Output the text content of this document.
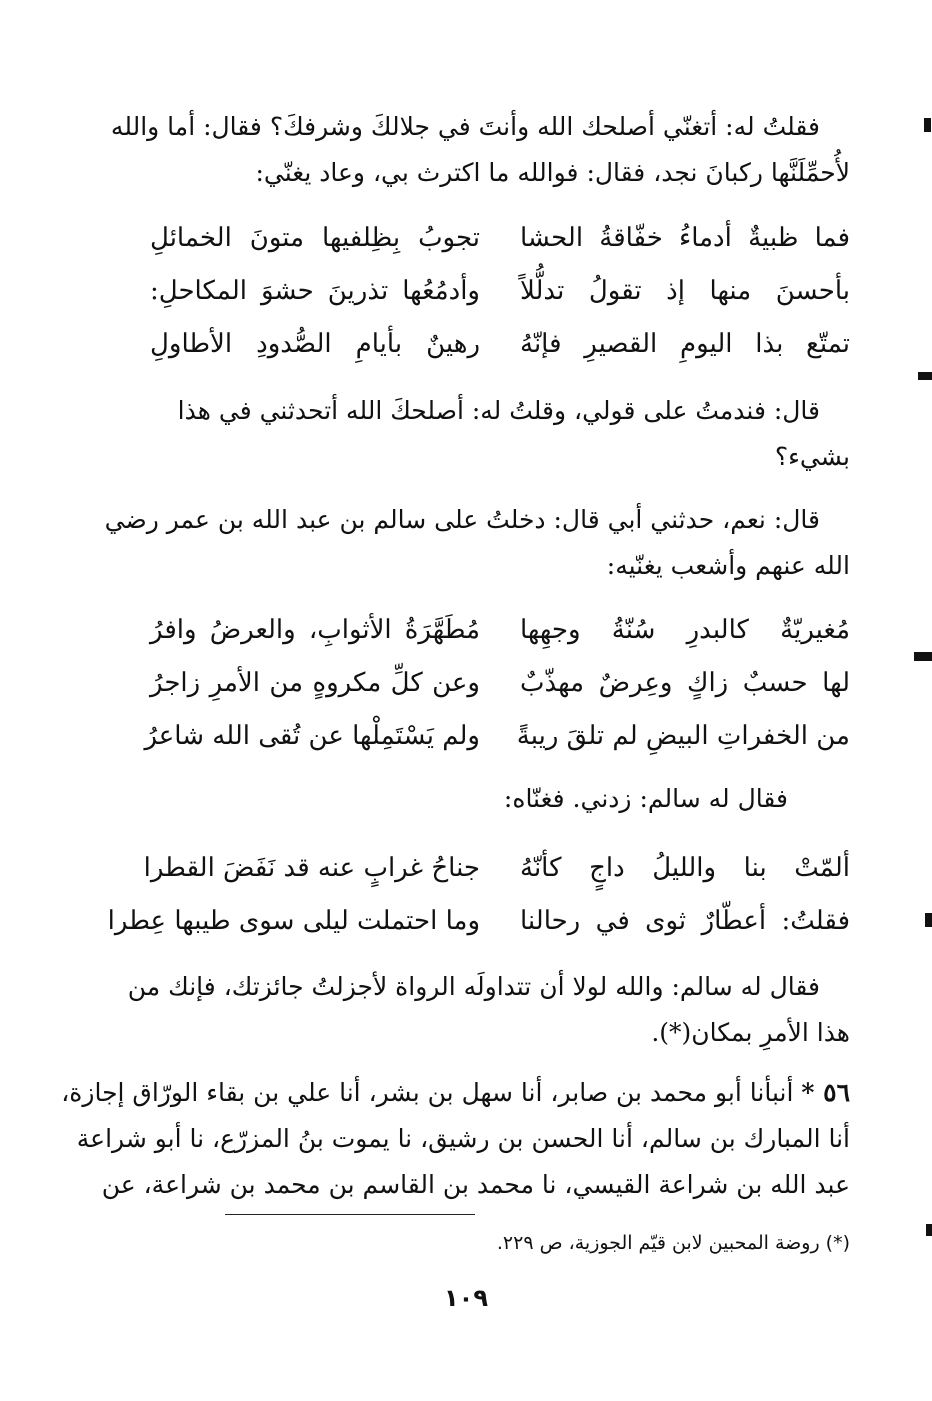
فقلتُ له: أتغنّي أصلحك الله وأنتَ في جلالكَ وشرفكَ؟ فقال: أما والله
لأُحمِّلَنَّها ركبانَ نجد، فقال: فوالله ما اكترث بي، وعاد يغنّي:
فما ظبيةٌ أدماءُ خفّاقةُ الحشا
تجوبُ بِظِلفيها متونَ الخمائلِ
بأحسنَ منها إذ تقولُ تدلُّلاً
وأدمُعُها تذرينَ حشوَ المكاحلِ:
تمتّع بذا اليومِ القصيرِ فإنّهُ
رهينٌ بأيامِ الصُّدودِ الأطاولِ
قال: فندمتُ على قولي، وقلتُ له: أصلحكَ الله أتحدثني في هذا
بشيء؟
قال: نعم، حدثني أبي قال: دخلتُ على سالم بن عبد الله بن عمر رضي
الله عنهم وأشعب يغنّيه:
مُغيريّةٌ كالبدرِ سُنّةُ وجهِها
مُطَهَّرَةُ الأثوابِ، والعرضُ وافرُ
لها حسبٌ زاكٍ وعِرضٌ مهذّبٌ
وعن كلِّ مكروهٍ من الأمرِ زاجرُ
من الخفراتِ البيضِ لم تلقَ ريبةً
ولم يَسْتَمِلْها عن تُقى الله شاعرُ
فقال له سالم: زدني. فغنّاه:
ألمّتْ بنا والليلُ داجٍ كأنّهُ
جناحُ غرابٍ عنه قد نَفَضَ القطرا
فقلتُ: أعطّارٌ ثوى في رحالنا
وما احتملت ليلى سوى طيبها عِطرا
فقال له سالم: والله لولا أن تتداولَه الرواة لأجزلتُ جائزتك، فإنك من
هذا الأمرِ بمكان(*).
٥٦ * أنبأنا أبو محمد بن صابر، أنا سهل بن بشر، أنا علي بن بقاء الورّاق إجازة،
أنا المبارك بن سالم، أنا الحسن بن رشيق، نا يموت بنُ المزرّع، نا أبو شراعة
عبد الله بن شراعة القيسي، نا محمد بن القاسم بن محمد بن شراعة، عن
(*) روضة المحبين لابن قيّم الجوزية، ص ٢٢٩.
١٠٩
